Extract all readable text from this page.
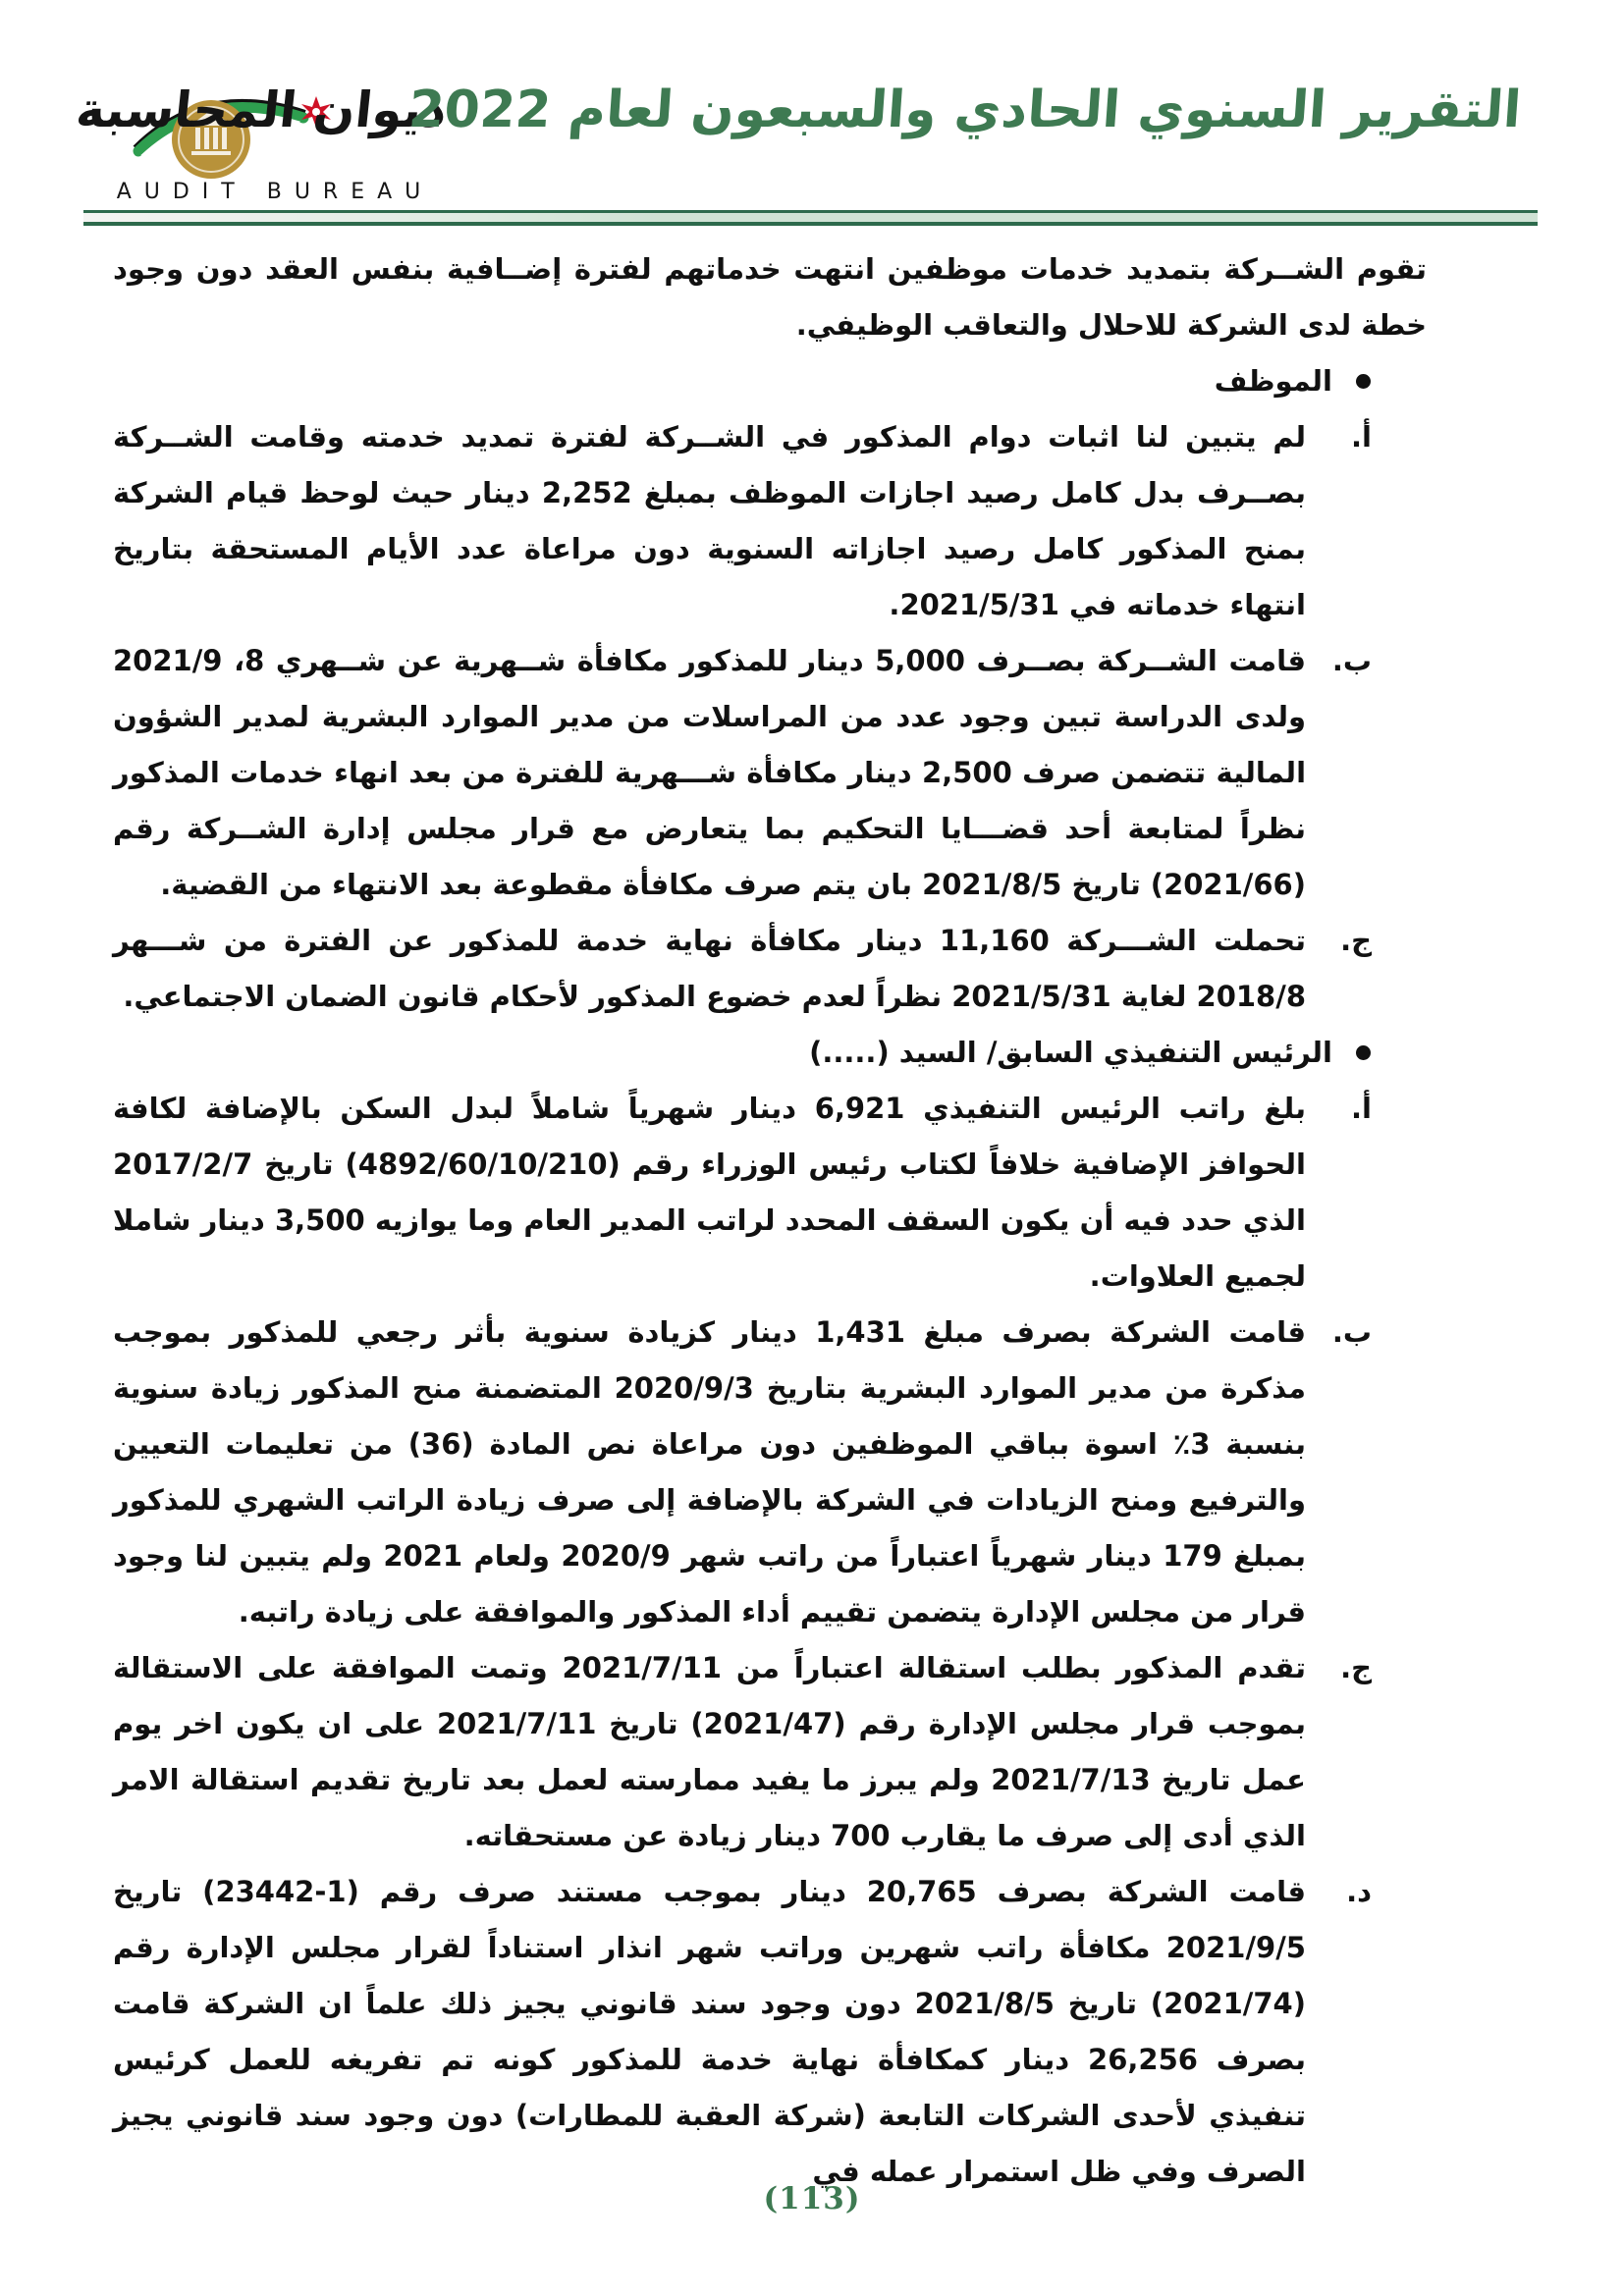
ديوان المحاسبة
AUDIT BUREAU
التقرير السنوي الحادي والسبعون لعام 2022

تقوم الشــركة بتمديد خدمات موظفين انتهت خدماتهم لفترة إضــافية بنفس العقد دون وجود خطة لدى الشركة للاحلال والتعاقب الوظيفي.

الموظف
أ.

لم يتبين لنا اثبات دوام المذكور في الشــركة لفترة تمديد خدمته وقامت الشــركة بصــرف بدل كامل رصيد اجازات الموظف بمبلغ 2,252 دينار حيث لوحظ قيام الشركة بمنح المذكور كامل رصيد اجازاته السنوية دون مراعاة عدد الأيام المستحقة بتاريخ انتهاء خدماته في 2021/5/31.

ب.

قامت الشــركة بصــرف 5,000 دينار للمذكور مكافأة شــهرية عن شــهري 8، 2021/9 ولدى الدراسة تبين وجود عدد من المراسلات من مدير الموارد البشرية لمدير الشؤون المالية تتضمن صرف 2,500 دينار مكافأة شـــهرية للفترة من بعد انهاء خدمات المذكور نظراً لمتابعة أحد قضـــايا التحكيم بما يتعارض مع قرار مجلس إدارة الشــركة رقم (2021/66) تاريخ 2021/8/5 بان يتم صرف مكافأة مقطوعة بعد الانتهاء من القضية.

ج.

تحملت الشـــركة 11,160 دينار مكافأة نهاية خدمة للمذكور عن الفترة من شـــهر 2018/8 لغاية 2021/5/31 نظراً لعدم خضوع المذكور لأحكام قانون الضمان الاجتماعي.

الرئيس التنفيذي السابق/ السيد (.....)
أ.

بلغ راتب الرئيس التنفيذي 6,921 دينار شهرياً شاملاً لبدل السكن بالإضافة لكافة الحوافز الإضافية خلافاً لكتاب رئيس الوزراء رقم (4892/60/10/210) تاريخ 2017/2/7 الذي حدد فيه أن يكون السقف المحدد لراتب المدير العام وما يوازيه 3,500 دينار شاملا لجميع العلاوات.

ب.

قامت الشركة بصرف مبلغ 1,431 دينار كزيادة سنوية بأثر رجعي للمذكور بموجب مذكرة من مدير الموارد البشرية بتاريخ 2020/9/3 المتضمنة منح المذكور زيادة سنوية بنسبة 3٪ اسوة بباقي الموظفين دون مراعاة نص المادة (36) من تعليمات التعيين والترفيع ومنح الزيادات في الشركة بالإضافة إلى صرف زيادة الراتب الشهري للمذكور بمبلغ 179 دينار شهرياً اعتباراً من راتب شهر 2020/9 ولعام 2021 ولم يتبين لنا وجود قرار من مجلس الإدارة يتضمن تقييم أداء المذكور والموافقة على زيادة راتبه.

ج.

تقدم المذكور بطلب استقالة اعتباراً من 2021/7/11 وتمت الموافقة على الاستقالة بموجب قرار مجلس الإدارة رقم (2021/47) تاريخ 2021/7/11 على ان يكون اخر يوم عمل تاريخ 2021/7/13 ولم يبرز ما يفيد ممارسته لعمل بعد تاريخ تقديم استقالة الامر الذي أدى إلى صرف ما يقارب 700 دينار زيادة عن مستحقاته.

د.

قامت الشركة بصرف 20,765 دينار بموجب مستند صرف رقم (1-23442) تاريخ 2021/9/5 مكافأة راتب شهرين وراتب شهر انذار استناداً لقرار مجلس الإدارة رقم (2021/74) تاريخ 2021/8/5 دون وجود سند قانوني يجيز ذلك علماً ان الشركة قامت بصرف 26,256 دينار كمكافأة نهاية خدمة للمذكور كونه تم تفريغه للعمل كرئيس تنفيذي لأحدى الشركات التابعة (شركة العقبة للمطارات) دون وجود سند قانوني يجيز الصرف وفي ظل استمرار عمله في

(113)
